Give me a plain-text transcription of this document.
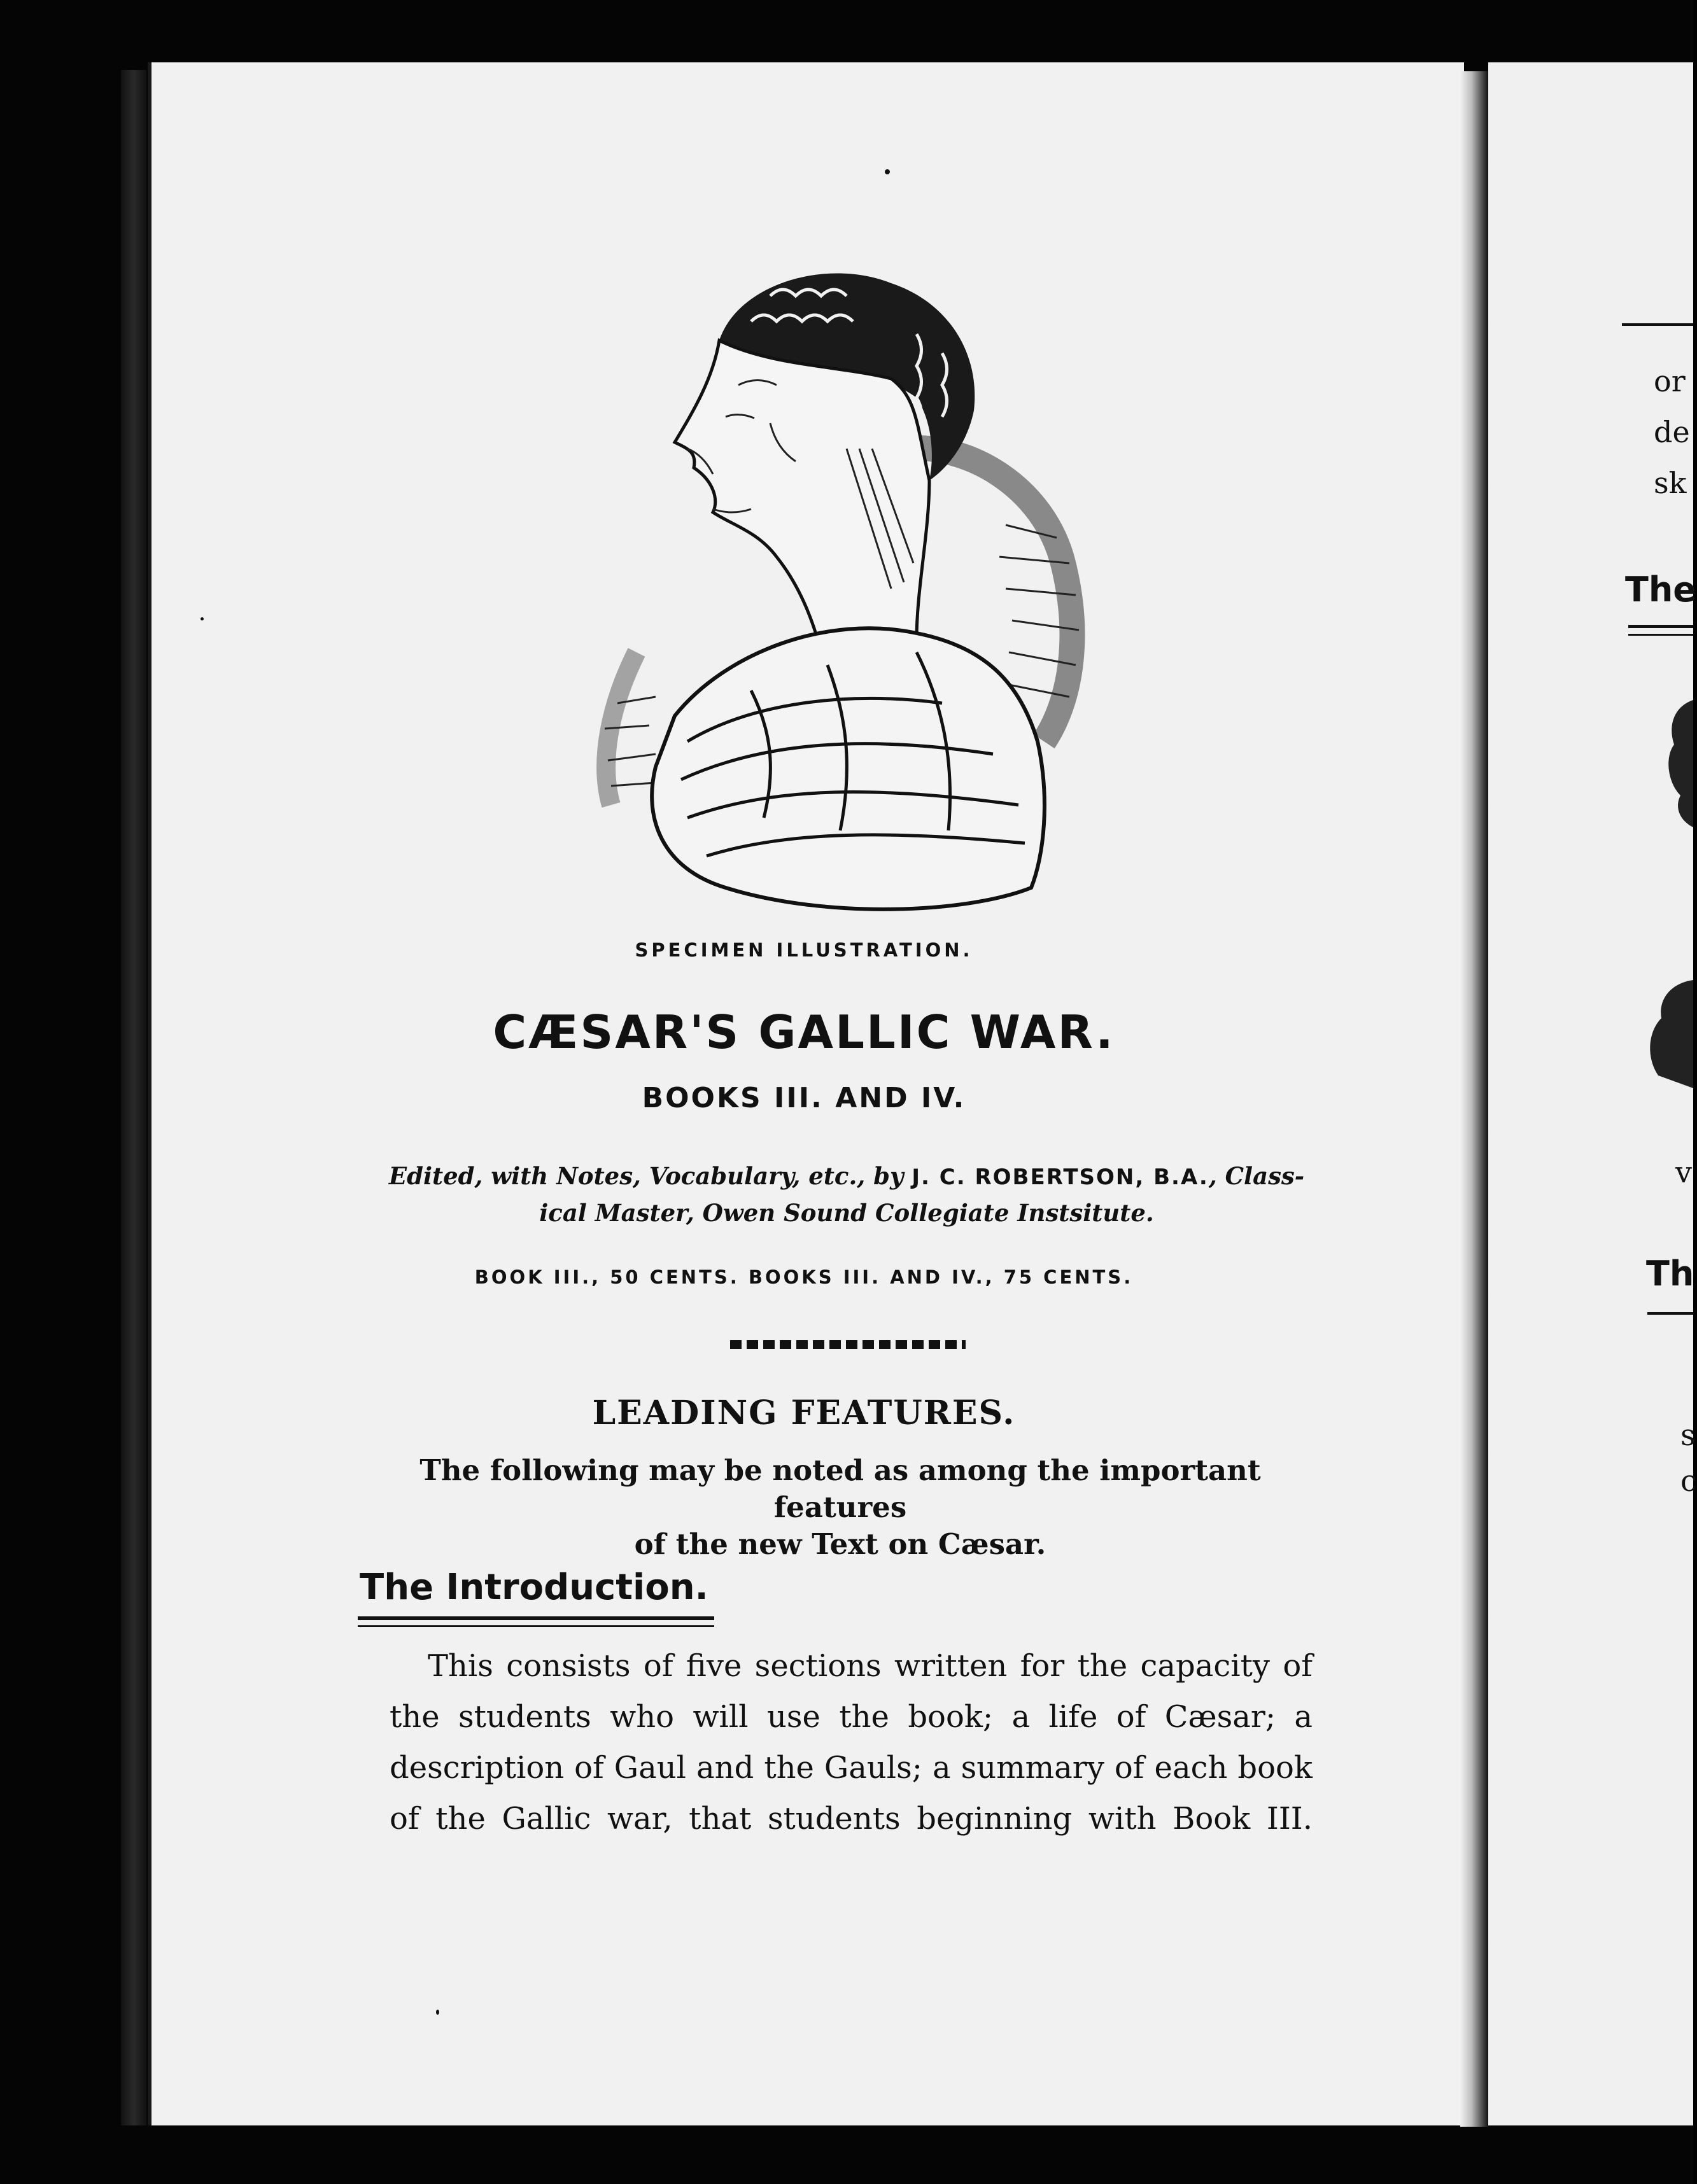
SPECIMEN ILLUSTRATION.
CÆSAR'S GALLIC WAR.
BOOKS III. AND IV.
Edited, with Notes, Vocabulary, etc., by J. C. ROBERTSON, B.A., Class-
ical Master, Owen Sound Collegiate Instsitute.
BOOK III., 50 CENTS. BOOKS III. AND IV., 75 CENTS.
LEADING FEATURES.
The following may be noted as among the important features
of the new Text on Cæsar.
The Introduction.
This consists of five sections written for the capacity of
the students who will use the book; a life of Cæsar; a
description of Gaul and the Gauls; a summary of each book
of the Gallic war, that students beginning with Book III.
or
de
sk
The
v
Th
s
c
